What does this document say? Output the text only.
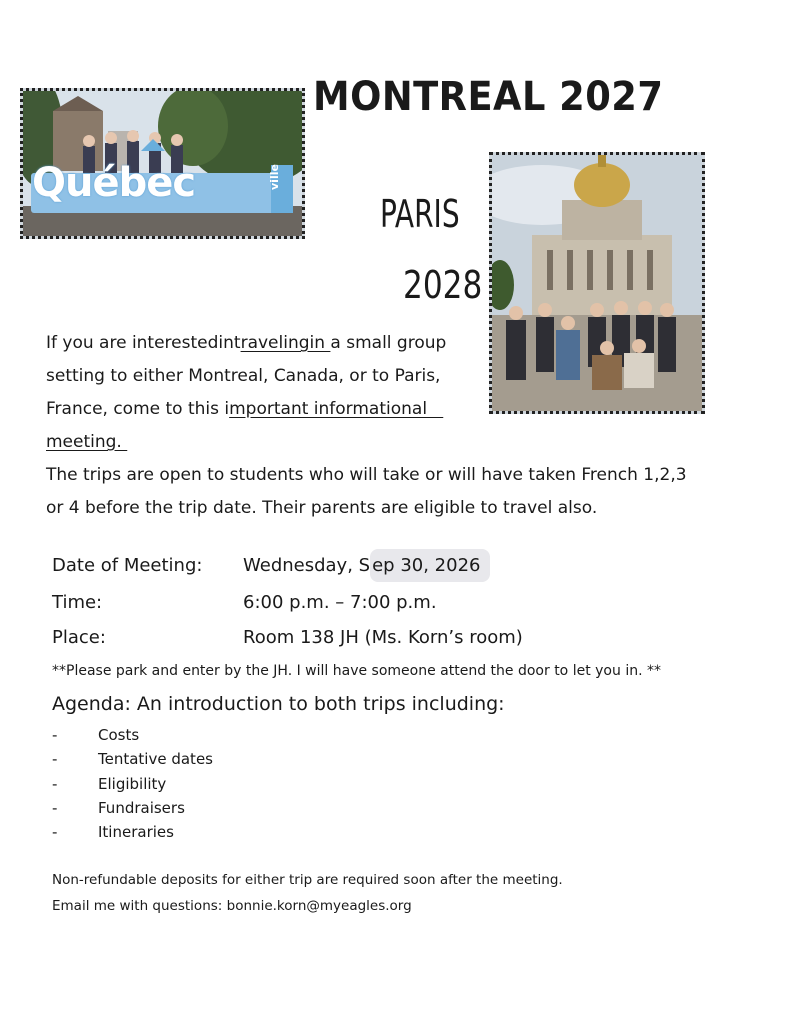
Québec	ville
MONTREAL 2027
PARIS
2028
If you are interestedintravelingin a small group
setting to either Montreal, Canada, or to Paris,
France, come to this important informational
meeting.
The trips are open to students who will take or will have taken French 1,2,3
or 4 before the trip date. Their parents are eligible to travel also.
Date of Meeting: Wednesday, S ep 30, 2026
Time:	6:00 p.m. – 7:00 p.m.
Place:	Room 138 JH (Ms. Korn’s room)
**Please park and enter by the JH. I will have someone attend the door to let you in. **
Agenda: An introduction to both trips including:
-	Costs
-	Tentative dates
-	Eligibility
-	Fundraisers
-	Itineraries
Non-refundable deposits for either trip are required soon after the meeting.
Email me with questions: bonnie.korn@myeagles.org
